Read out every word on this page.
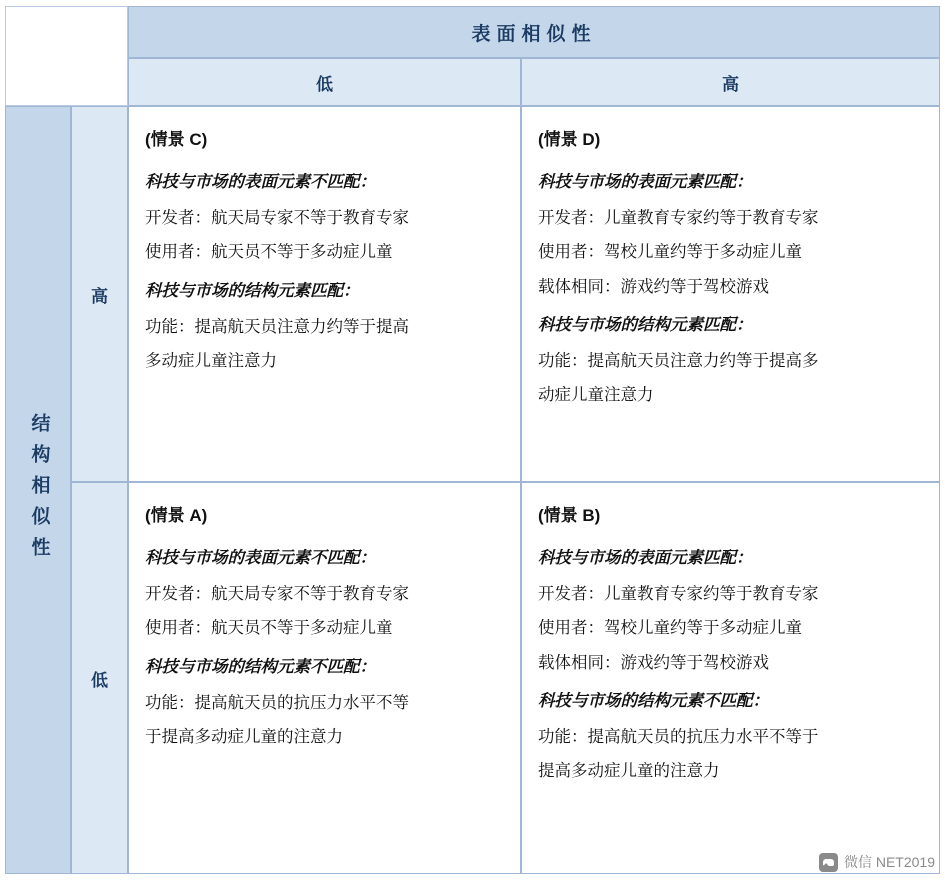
表面相似性
低	高
结构相似性
高
低

(情景 C)

科技与市场的表面元素不匹配：

开发者：航天局专家不等于教育专家

使用者：航天员不等于多动症儿童

科技与市场的结构元素匹配：

功能：提高航天员注意力约等于提高

多动症儿童注意力

(情景 D)

科技与市场的表面元素匹配：

开发者：儿童教育专家约等于教育专家

使用者：驾校儿童约等于多动症儿童

载体相同：游戏约等于驾校游戏

科技与市场的结构元素匹配：

功能：提高航天员注意力约等于提高多

动症儿童注意力

(情景 A)

科技与市场的表面元素不匹配：

开发者：航天局专家不等于教育专家

使用者：航天员不等于多动症儿童

科技与市场的结构元素不匹配：

功能：提高航天员的抗压力水平不等

于提高多动症儿童的注意力

(情景 B)

科技与市场的表面元素匹配：

开发者：儿童教育专家约等于教育专家

使用者：驾校儿童约等于多动症儿童

载体相同：游戏约等于驾校游戏

科技与市场的结构元素不匹配：

功能：提高航天员的抗压力水平不等于

提高多动症儿童的注意力

微信 NET2019
